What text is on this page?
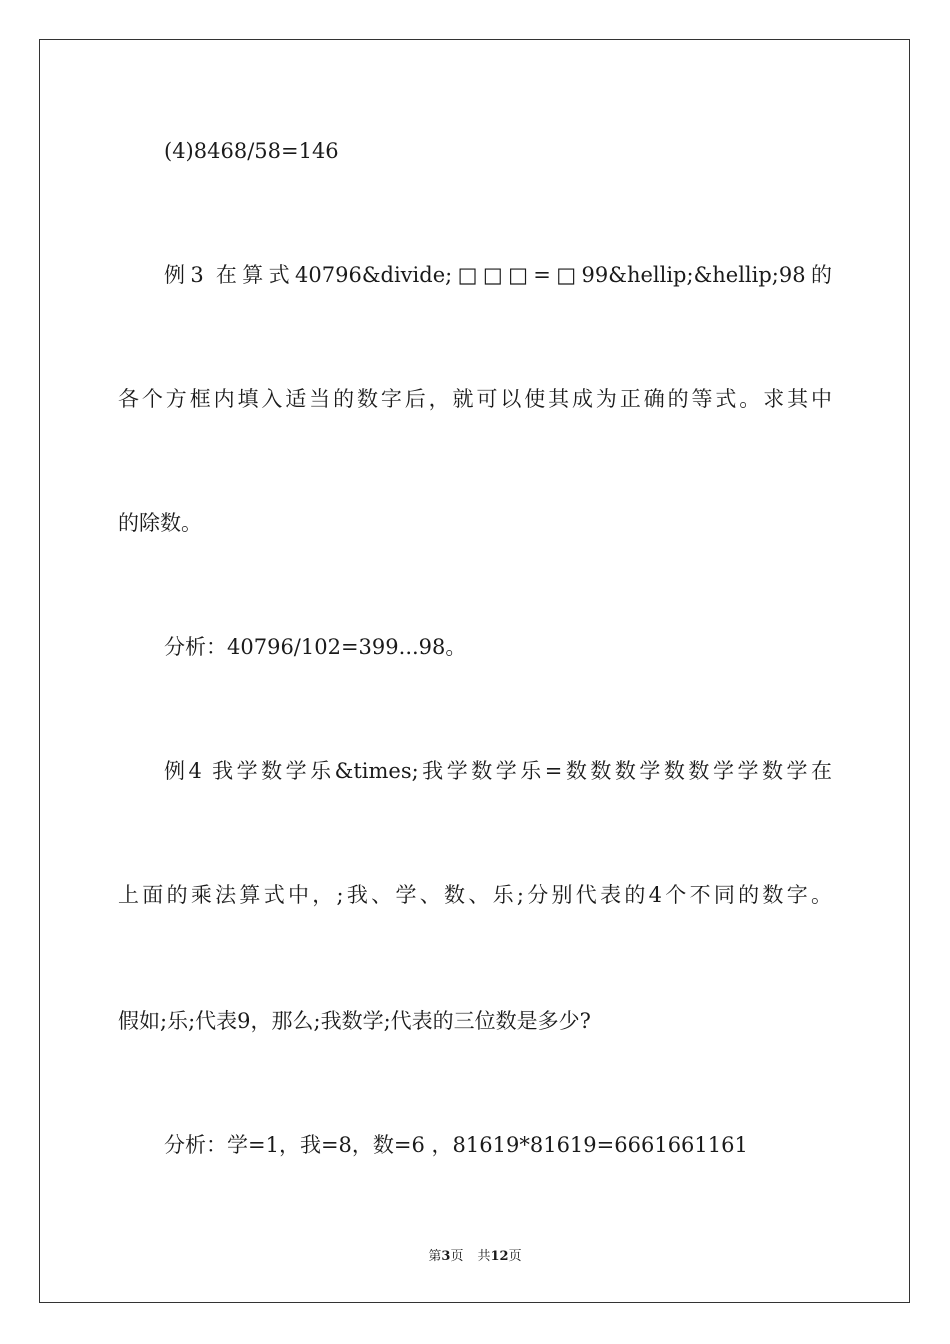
(4)8468/58=146
例3 在算式40796&divide;□□□=□99&hellip;&hellip;98的
各个方框内填入适当的数字后，就可以使其成为正确的等式。求其中
的除数。
分析：40796/102=399...98。
例4 我学数学乐&times;我学数学乐=数数数学数数学学数学在
上面的乘法算式中，;我、学、数、乐;分别代表的4个不同的数字。
假如;乐;代表9，那么;我数学;代表的三位数是多少?
分析：学=1，我=8，数=6 ，81619*81619=6661661161
第3页 共12页
